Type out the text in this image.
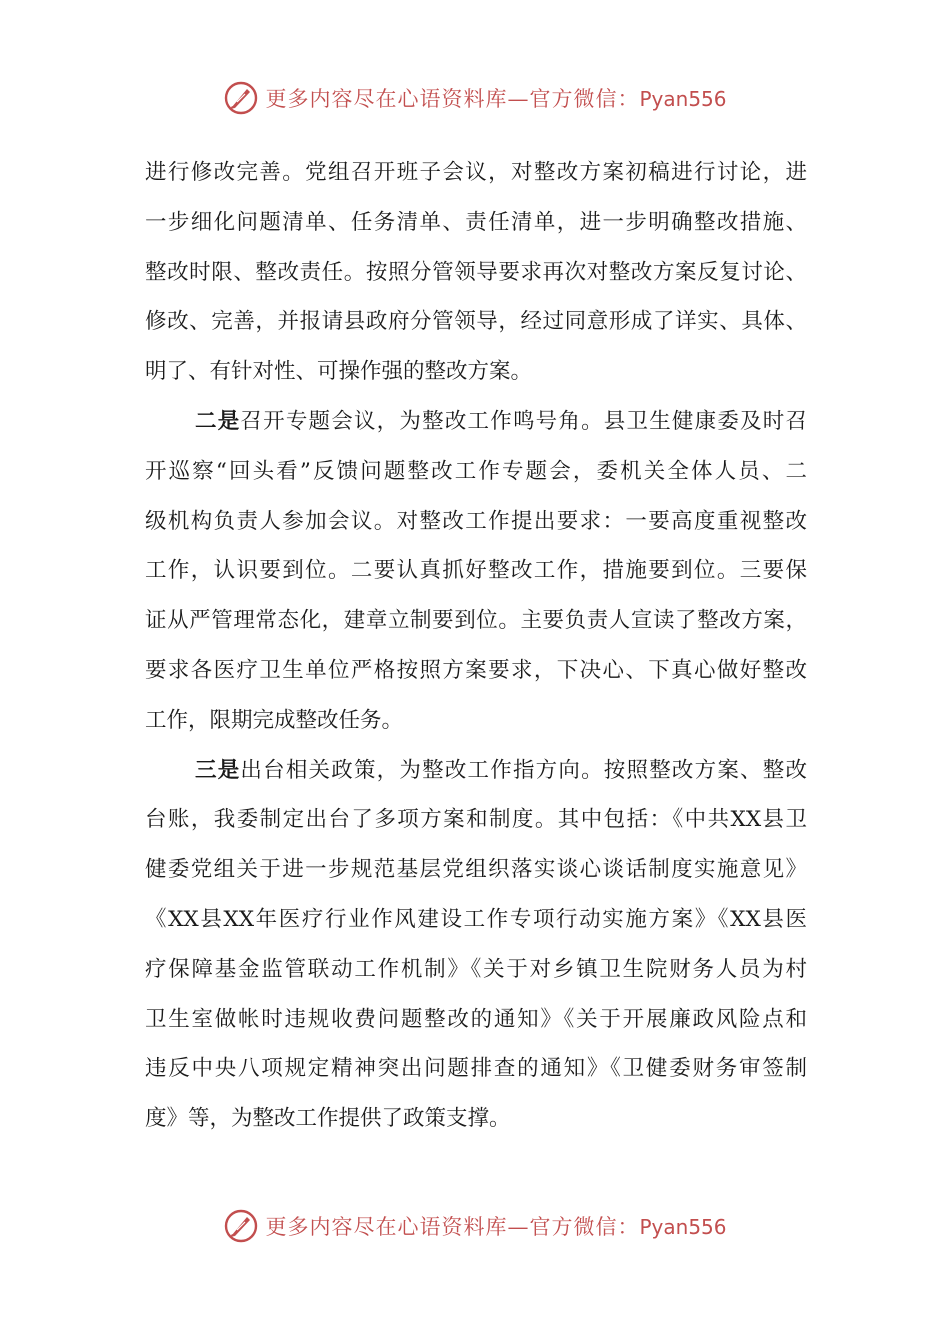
更多内容尽在心语资料库—官方微信：Pyan556
进行修改完善。党组召开班子会议，对整改方案初稿进行讨论，进
一步细化问题清单、任务清单、责任清单，进一步明确整改措施、
整改时限、整改责任。按照分管领导要求再次对整改方案反复讨论、
修改、完善，并报请县政府分管领导，经过同意形成了详实、具体、
明了、有针对性、可操作强的整改方案。
二是召开专题会议，为整改工作鸣号角。县卫生健康委及时召
开巡察“回头看”反馈问题整改工作专题会，委机关全体人员、二
级机构负责人参加会议。对整改工作提出要求：一要高度重视整改
工作，认识要到位。二要认真抓好整改工作，措施要到位。三要保
证从严管理常态化，建章立制要到位。主要负责人宣读了整改方案，
要求各医疗卫生单位严格按照方案要求，下决心、下真心做好整改
工作，限期完成整改任务。
三是出台相关政策，为整改工作指方向。按照整改方案、整改
台账，我委制定出台了多项方案和制度。其中包括：《中共XX县卫
健委党组关于进一步规范基层党组织落实谈心谈话制度实施意见》
《XX县XX年医疗行业作风建设工作专项行动实施方案》《XX县医
疗保障基金监管联动工作机制》《关于对乡镇卫生院财务人员为村
卫生室做帐时违规收费问题整改的通知》《关于开展廉政风险点和
违反中央八项规定精神突出问题排查的通知》《卫健委财务审签制
度》等，为整改工作提供了政策支撑。
更多内容尽在心语资料库—官方微信：Pyan556
